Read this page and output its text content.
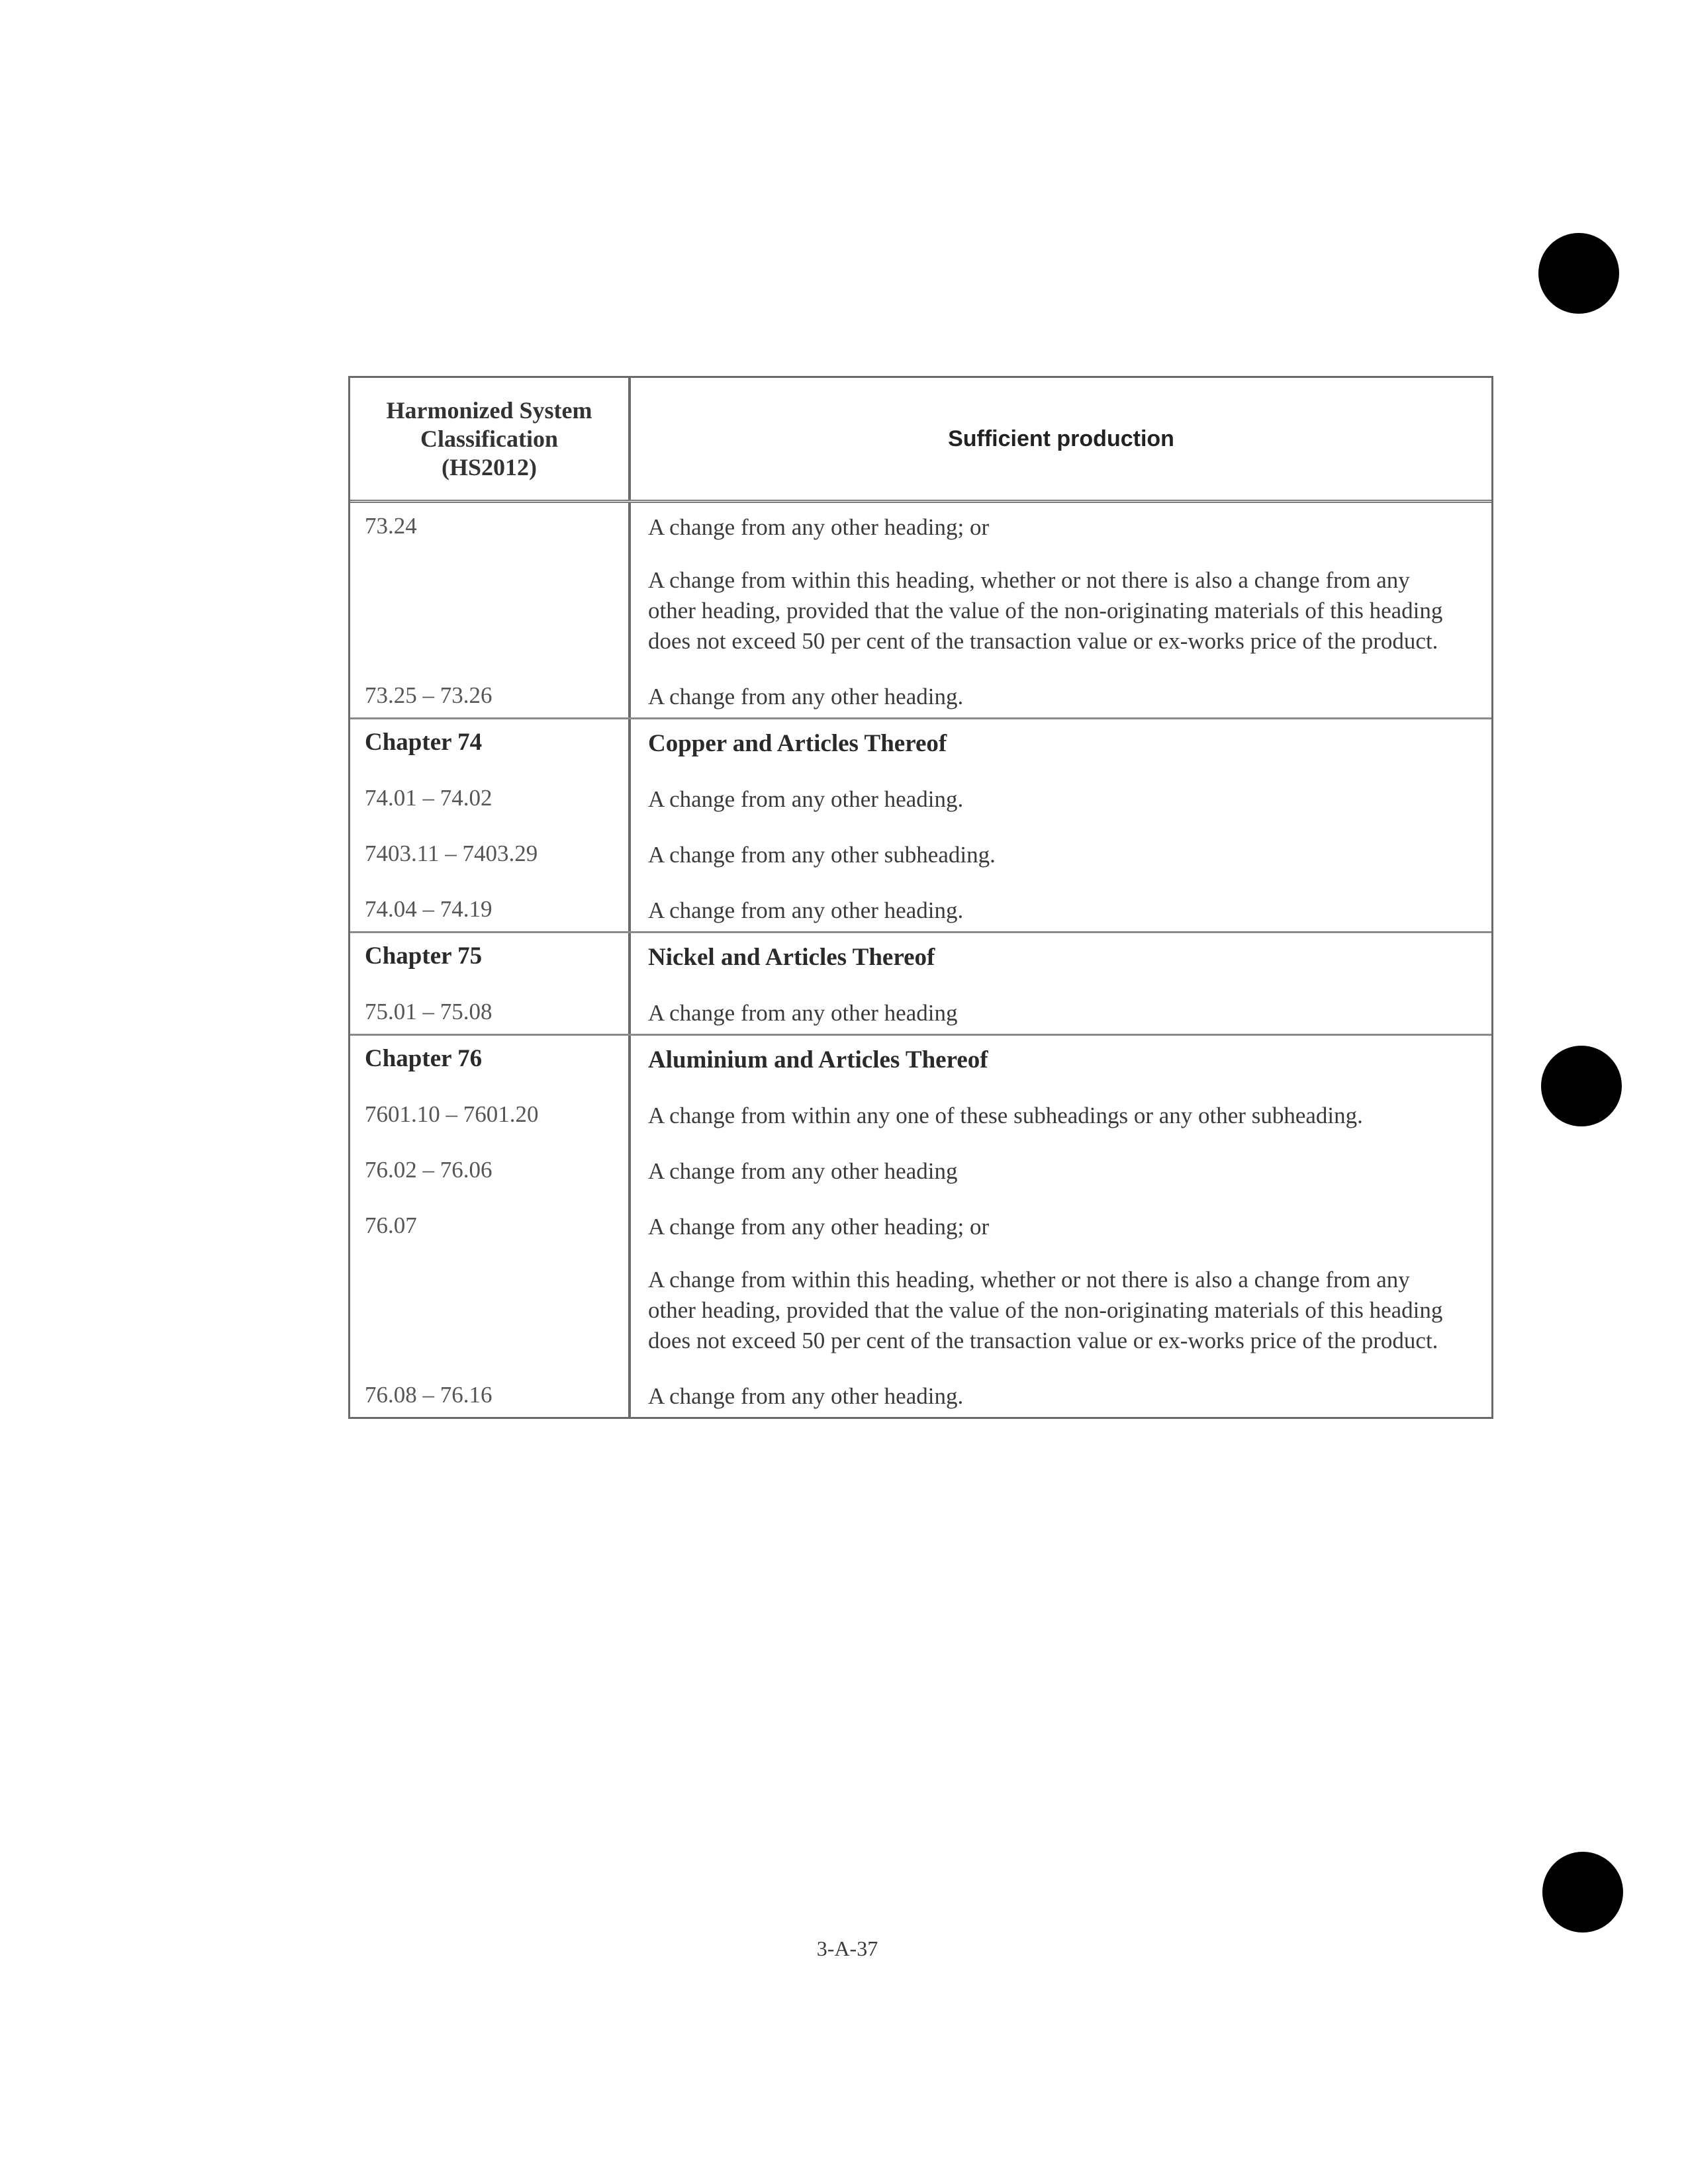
Harmonized System
Classification
(HS2012)
Sufficient production
73.24
73.25 – 73.26

A change from any other heading; or

A change from within this heading, whether or not there is also a change from any other heading, provided that the value of the non-originating materials of this heading does not exceed 50 per cent of the transaction value or ex-works price of the product.

A change from any other heading.

Chapter 74
74.01 – 74.02
7403.11 – 7403.29
74.04 – 74.19
Copper and Articles Thereof

A change from any other heading.

A change from any other subheading.

A change from any other heading.

Chapter 75
75.01 – 75.08
Nickel and Articles Thereof

A change from any other heading

Chapter 76
7601.10 – 7601.20
76.02 – 76.06
76.07
76.08 – 76.16
Aluminium and Articles Thereof

A change from within any one of these subheadings or any other subheading.

A change from any other heading

A change from any other heading; or

A change from within this heading, whether or not there is also a change from any other heading, provided that the value of the non-originating materials of this heading does not exceed 50 per cent of the transaction value or ex-works price of the product.

A change from any other heading.

3-A-37
